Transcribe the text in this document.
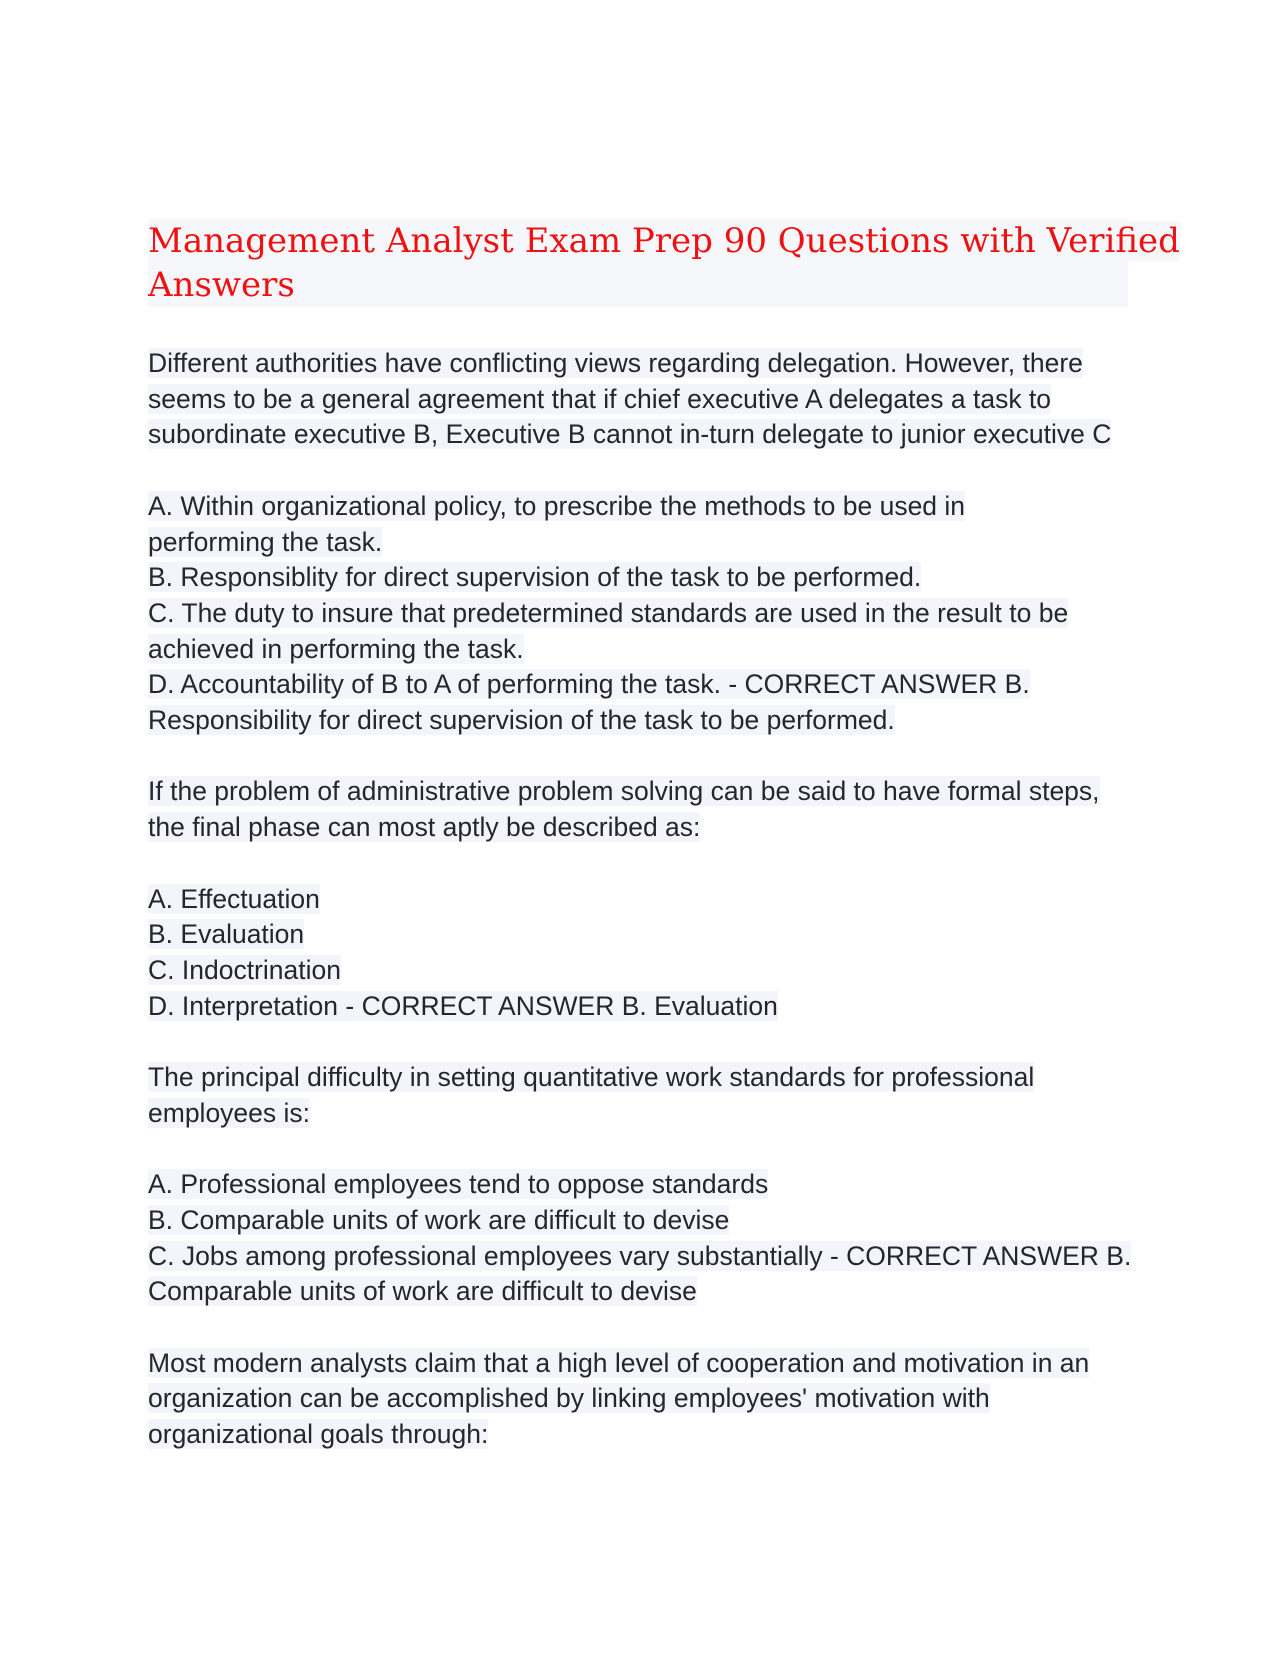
Management Analyst Exam Prep 90 Questions with Verified
Answers
Different authorities have conflicting views regarding delegation. However, there
seems to be a general agreement that if chief executive A delegates a task to
subordinate executive B, Executive B cannot in-turn delegate to junior executive C
A. Within organizational policy, to prescribe the methods to be used in
performing the task.
B. Responsiblity for direct supervision of the task to be performed.
C. The duty to insure that predetermined standards are used in the result to be
achieved in performing the task.
D. Accountability of B to A of performing the task. - CORRECT ANSWER B.
Responsibility for direct supervision of the task to be performed.
If the problem of administrative problem solving can be said to have formal steps,
the final phase can most aptly be described as:
A. Effectuation
B. Evaluation
C. Indoctrination
D. Interpretation - CORRECT ANSWER B. Evaluation
The principal difficulty in setting quantitative work standards for professional
employees is:
A. Professional employees tend to oppose standards
B. Comparable units of work are difficult to devise
C. Jobs among professional employees vary substantially - CORRECT ANSWER B.
Comparable units of work are difficult to devise
Most modern analysts claim that a high level of cooperation and motivation in an
organization can be accomplished by linking employees' motivation with
organizational goals through:
